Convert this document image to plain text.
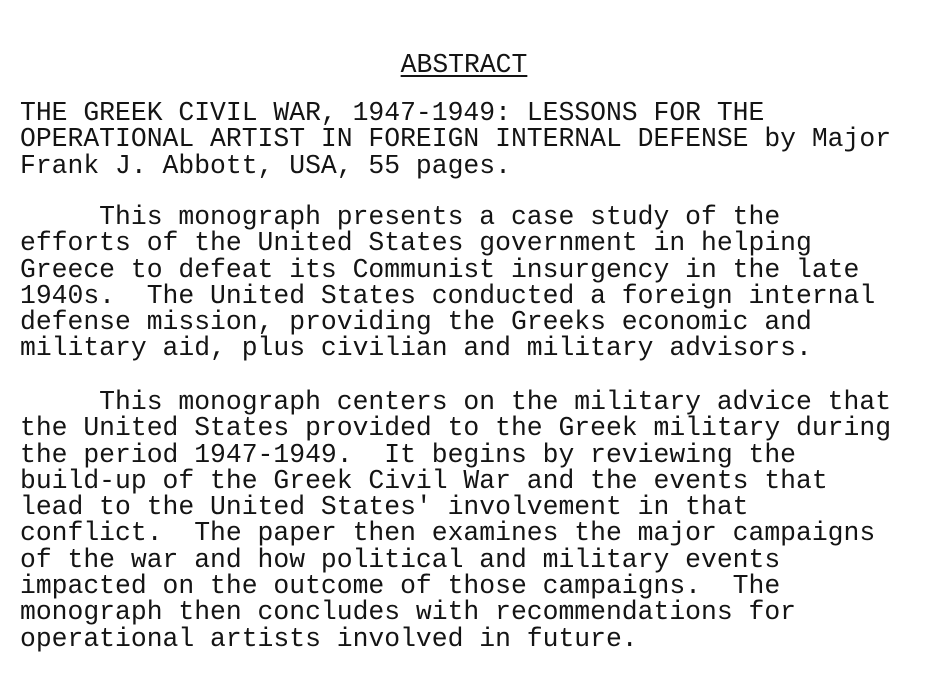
ABSTRACT
THE GREEK CIVIL WAR, 1947-1949: LESSONS FOR THE
OPERATIONAL ARTIST IN FOREIGN INTERNAL DEFENSE by Major
Frank J. Abbott, USA, 55 pages.
This monograph presents a case study of the
efforts of the United States government in helping
Greece to defeat its Communist insurgency in the late
1940s.  The United States conducted a foreign internal
defense mission, providing the Greeks economic and
military aid, plus civilian and military advisors.
This monograph centers on the military advice that
the United States provided to the Greek military during
the period 1947-1949.  It begins by reviewing the
build-up of the Greek Civil War and the events that
lead to the United States' involvement in that
conflict.  The paper then examines the major campaigns
of the war and how political and military events
impacted on the outcome of those campaigns.  The
monograph then concludes with recommendations for
operational artists involved in future.
